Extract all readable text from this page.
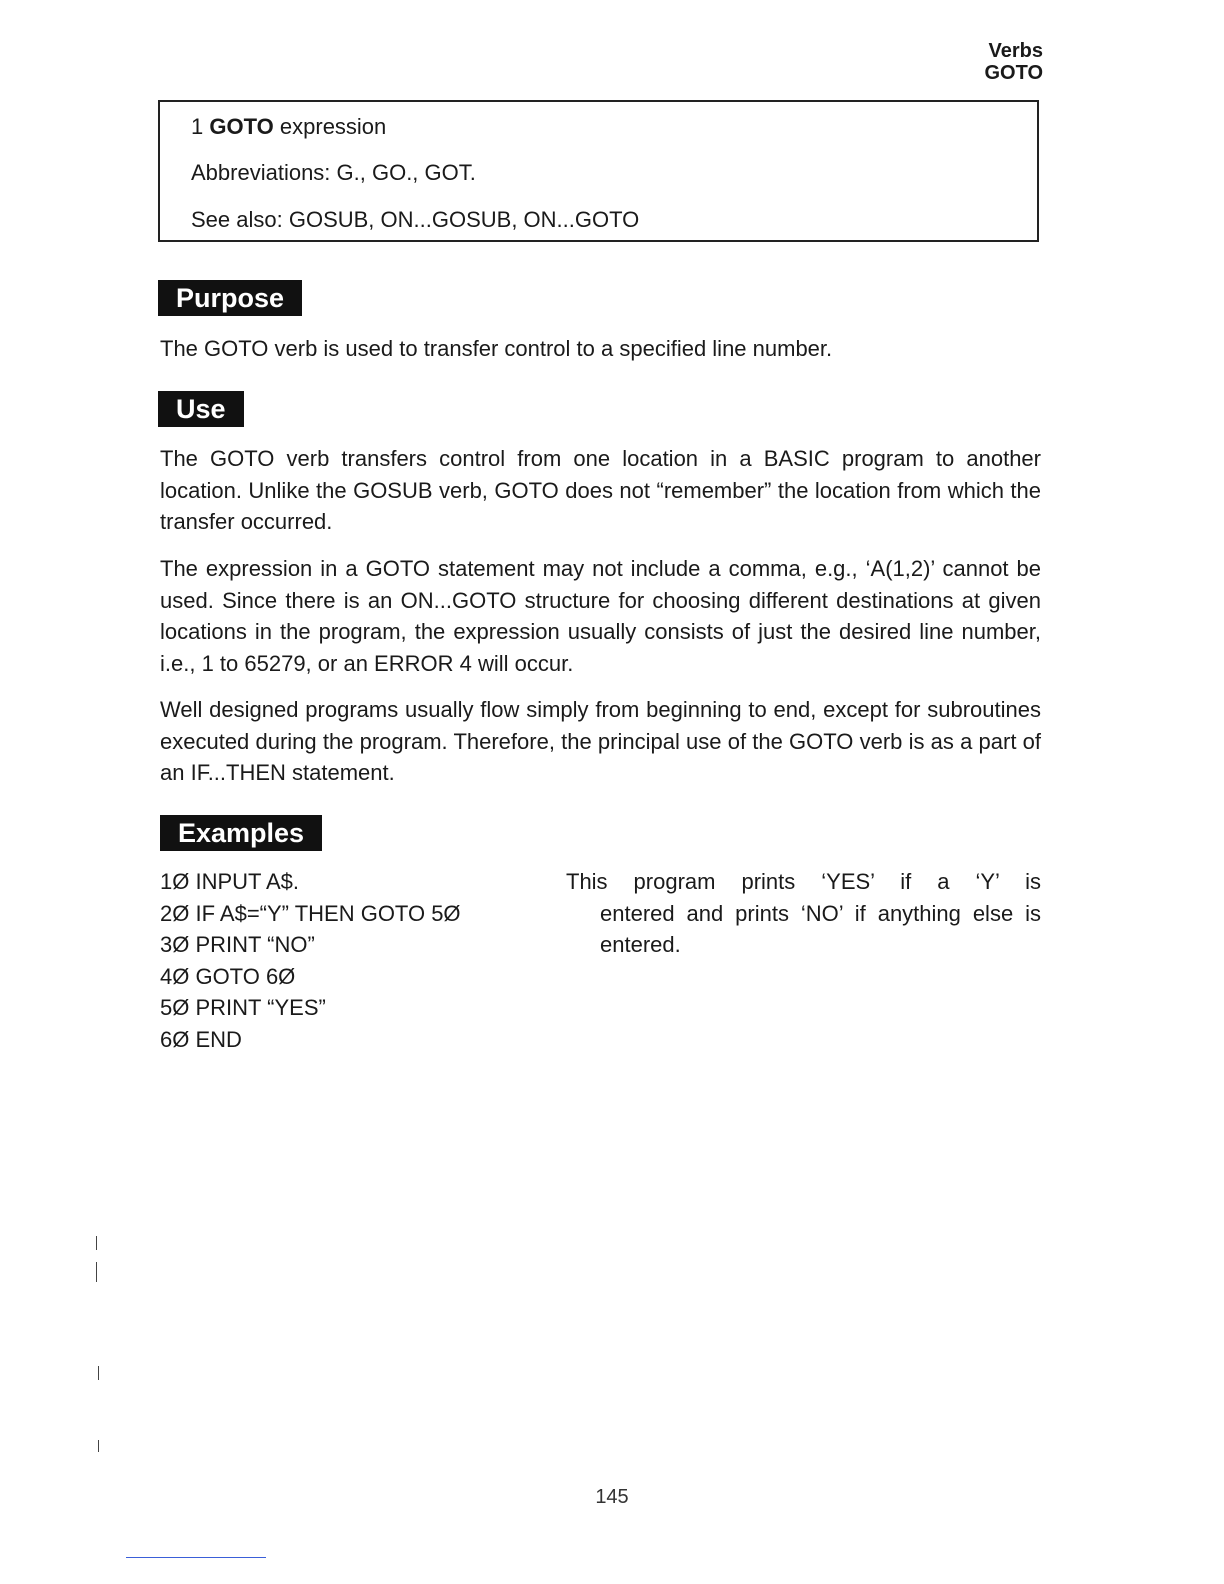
Verbs
GOTO
1 GOTO expression
Abbreviations: G., GO., GOT.
See also: GOSUB, ON...GOSUB, ON...GOTO
Purpose
The GOTO verb is used to transfer control to a specified line number.
Use
The GOTO verb transfers control from one location in a BASIC program to another location. Unlike the GOSUB verb, GOTO does not “remember” the location from which the transfer occurred.
The expression in a GOTO statement may not include a comma, e.g., ‘A(1,2)’ cannot be used. Since there is an ON...GOTO structure for choosing different destinations at given locations in the program, the expression usually consists of just the desired line number, i.e., 1 to 65279, or an ERROR 4 will occur.
Well designed programs usually flow simply from beginning to end, except for subroutines executed during the program. Therefore, the principal use of the GOTO verb is as a part of an IF...THEN statement.
Examples
1Ø INPUT A$.
2Ø IF A$=“Y” THEN GOTO 5Ø
3Ø PRINT “NO”
4Ø GOTO 6Ø
5Ø PRINT “YES”
6Ø END
This program prints ‘YES’ if a ‘Y’ is
entered and prints ‘NO’ if anything else is entered.
145
